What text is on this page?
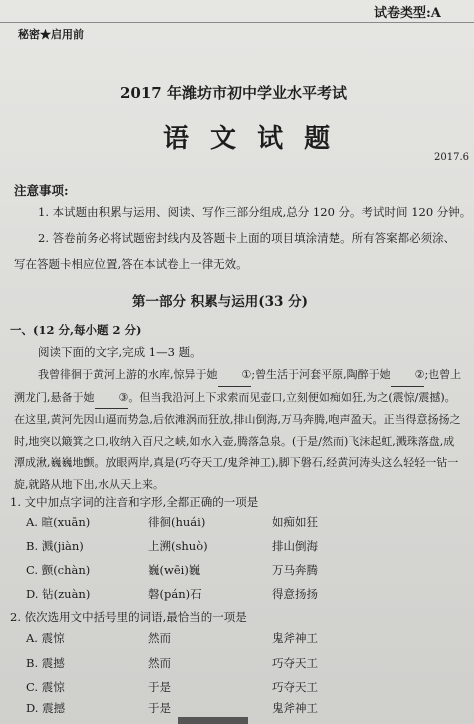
试卷类型:A
秘密★启用前
2017 年潍坊市初中学业水平考试
语 文 试 题
2017.6
注意事项:
1. 本试题由积累与运用、阅读、写作三部分组成,总分 120 分。考试时间 120 分钟。
2. 答卷前务必将试题密封线内及答题卡上面的项目填涂清楚。所有答案都必须涂、
写在答题卡相应位置,答在本试卷上一律无效。
第一部分 积累与运用(33 分)
一、(12 分,每小题 2 分)
阅读下面的文字,完成 1—3 题。
我曾徘徊于黄河上游的水库,惊异于她 ①;曾生活于河套平原,陶醉于她 ②;也曾上溯龙门,悬备于她 ③。但当我沿河上下求索而见壶口,立刻便如痴如狂,为之(震惊/震撼)。在这里,黄河先因山逼而势急,后依滩涡而狂放,排山倒海,万马奔腾,咆声盈天。正当得意扬扬之时,地突以簸箕之口,收纳入百尺之峡,如水入壶,腾落急泉。(于是/然而)飞沫起虹,溅珠落盘,成潭成湫,巍巍地颤。放眼两岸,真是(巧夺天工/鬼斧神工),脚下磐石,经黄河涛头这么轻轻一钻一旋,就路从地下出,水从天上来。
1. 文中加点字词的注音和字形,全都正确的一项是
A. 暄(xuān)	徘徊(huái)	如痴如狂
B. 溅(jiàn)	上溯(shuò)	排山倒海
C. 颤(chàn)	巍(wēi)巍	万马奔腾
D. 钻(zuàn)	磐(pán)石	得意扬扬
2. 依次选用文中括号里的词语,最恰当的一项是
A. 震惊	然而	鬼斧神工
B. 震撼	然而	巧夺天工
C. 震惊	于是	巧夺天工
D. 震撼	于是	鬼斧神工
